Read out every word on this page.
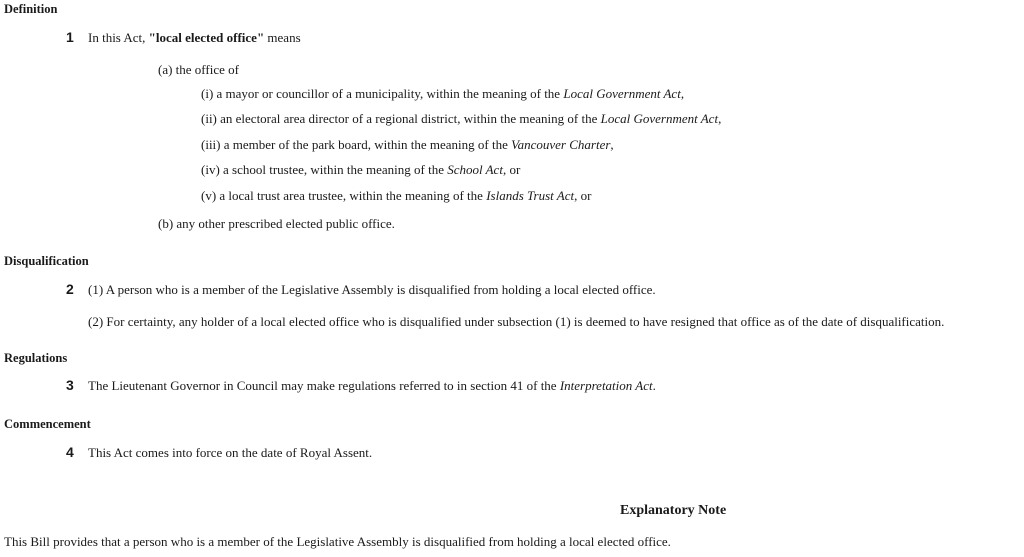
Definition
1 In this Act, "local elected office" means
(a) the office of
(i) a mayor or councillor of a municipality, within the meaning of the Local Government Act,
(ii) an electoral area director of a regional district, within the meaning of the Local Government Act,
(iii) a member of the park board, within the meaning of the Vancouver Charter,
(iv) a school trustee, within the meaning of the School Act, or
(v) a local trust area trustee, within the meaning of the Islands Trust Act, or
(b) any other prescribed elected public office.
Disqualification
2 (1) A person who is a member of the Legislative Assembly is disqualified from holding a local elected office.
(2) For certainty, any holder of a local elected office who is disqualified under subsection (1) is deemed to have resigned that office as of the date of disqualification.
Regulations
3 The Lieutenant Governor in Council may make regulations referred to in section 41 of the Interpretation Act.
Commencement
4 This Act comes into force on the date of Royal Assent.
Explanatory Note
This Bill provides that a person who is a member of the Legislative Assembly is disqualified from holding a local elected office.
